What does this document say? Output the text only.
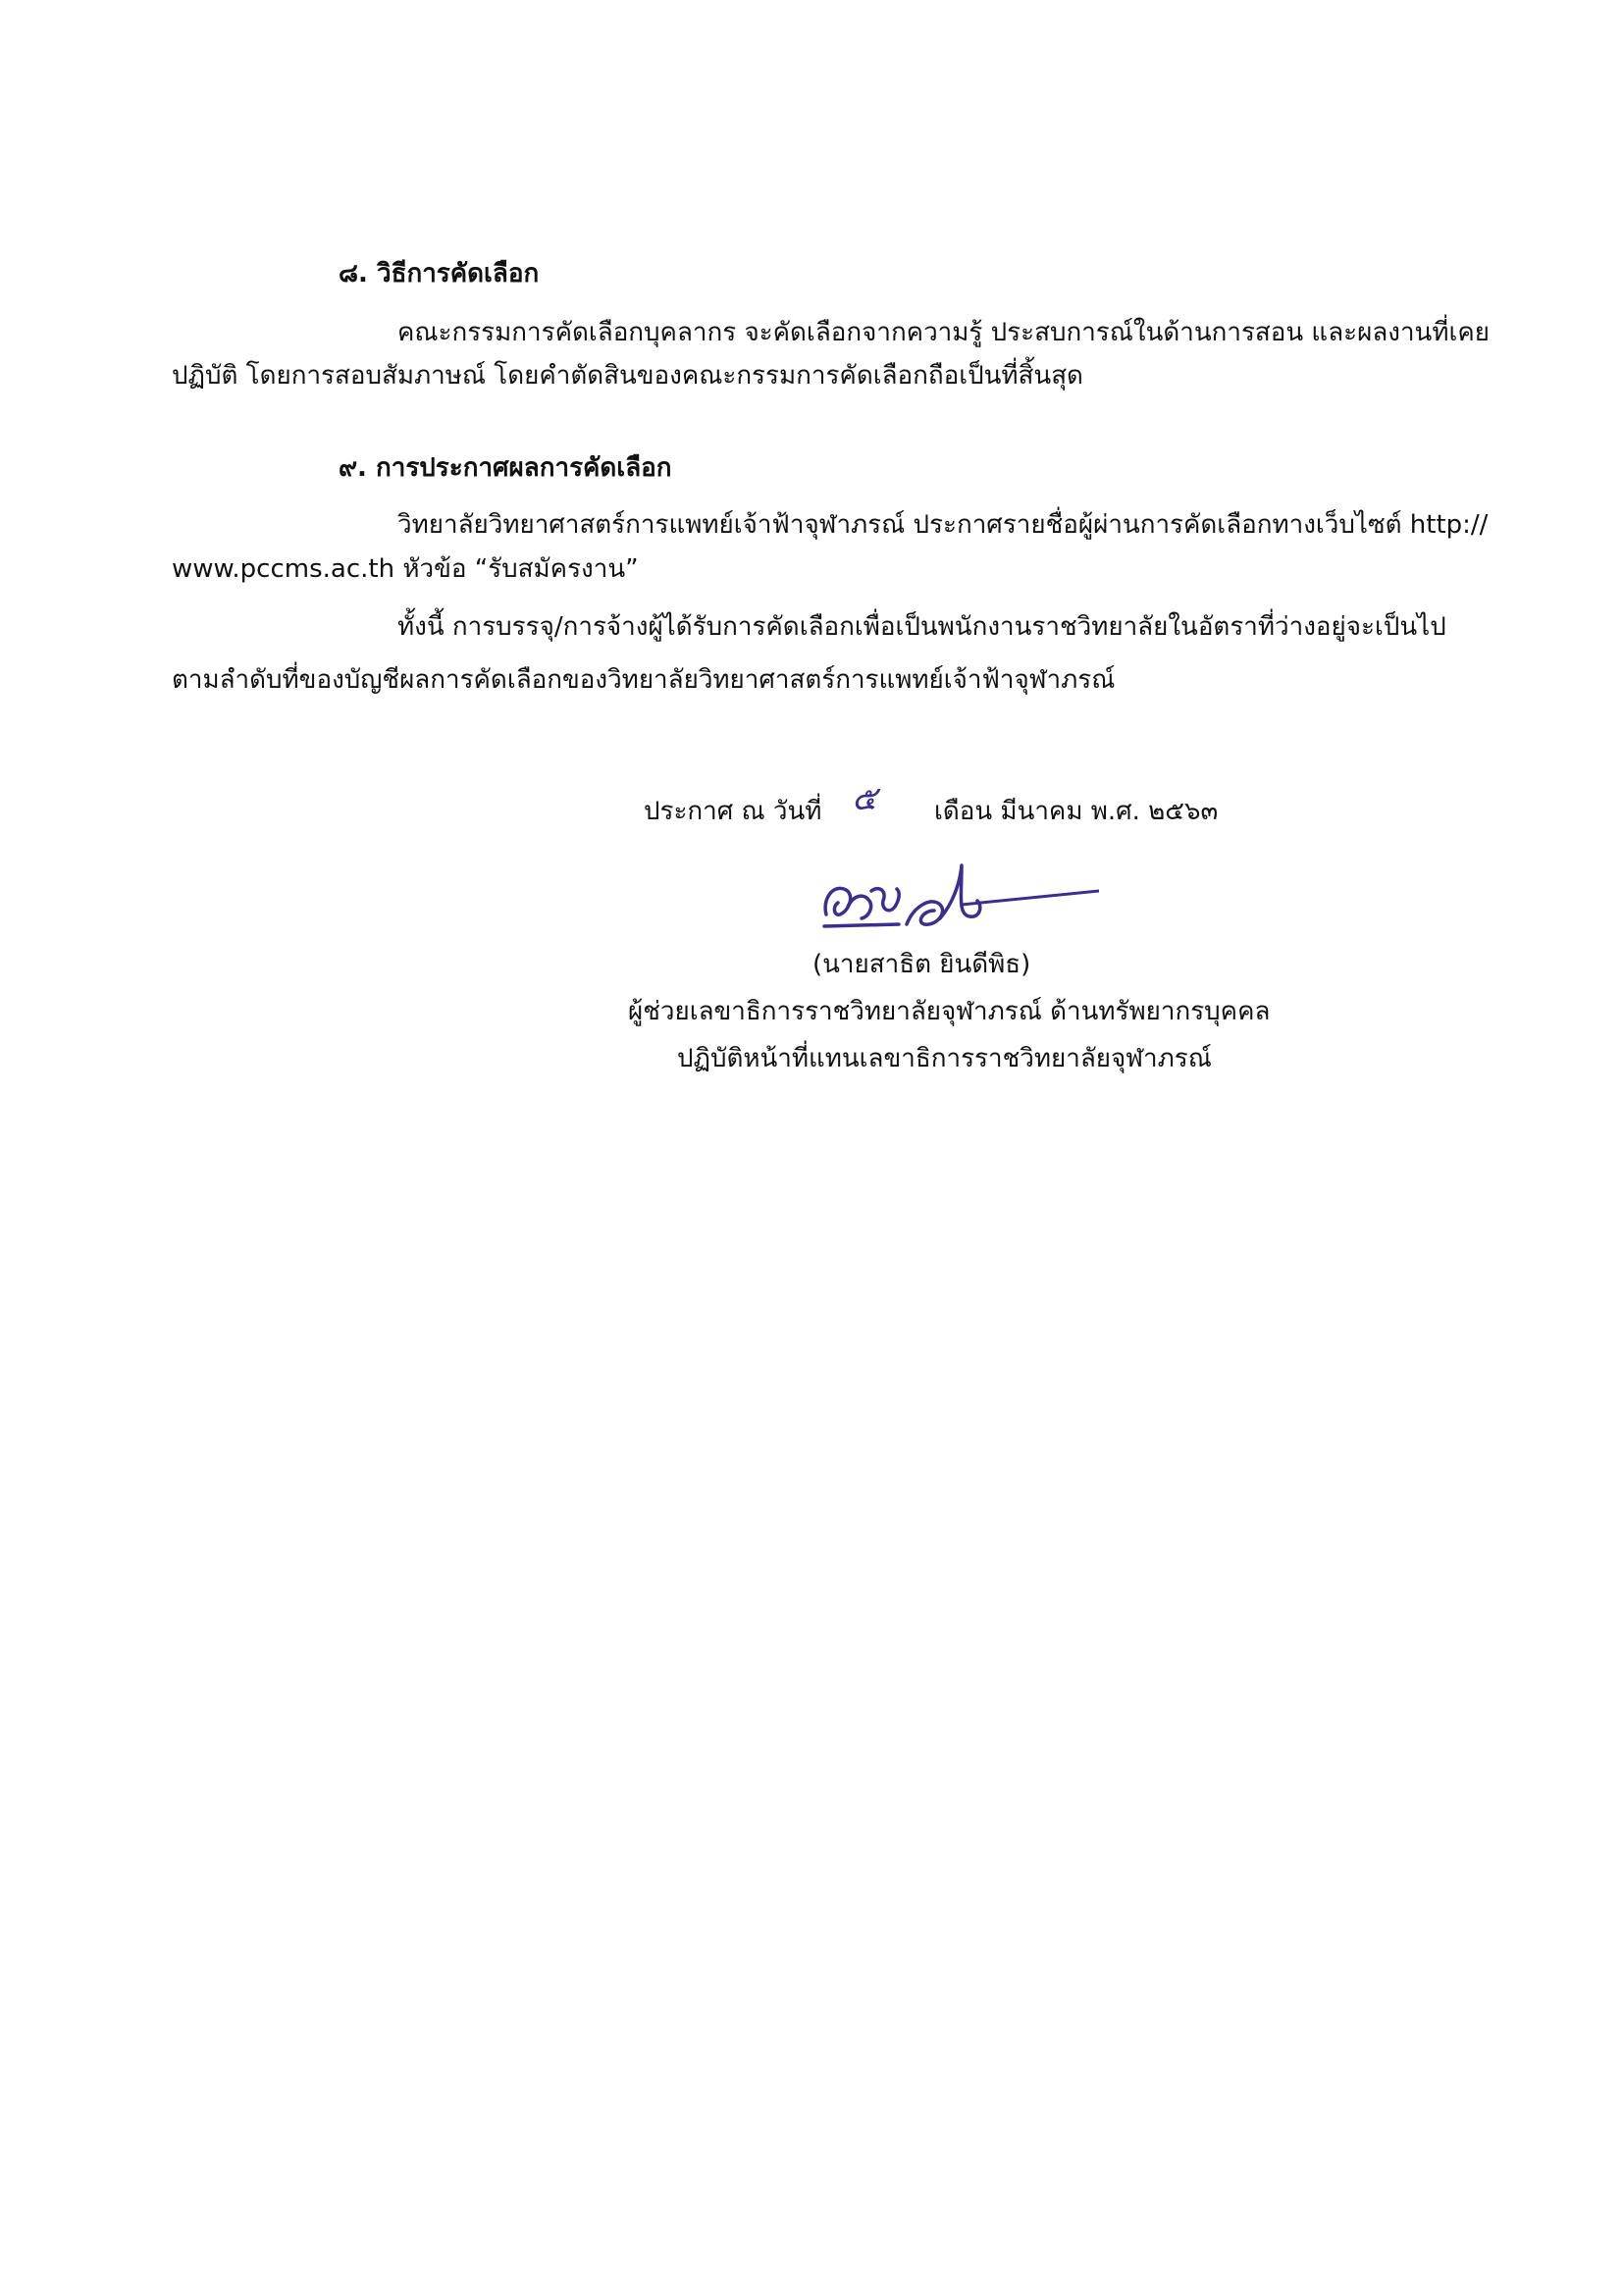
๘. วิธีการคัดเลือก
คณะกรรมการคัดเลือกบุคลากร จะคัดเลือกจากความรู้ ประสบการณ์ในด้านการสอน และผลงานที่เคย
ปฏิบัติ โดยการสอบสัมภาษณ์ โดยคำตัดสินของคณะกรรมการคัดเลือกถือเป็นที่สิ้นสุด
๙. การประกาศผลการคัดเลือก
วิทยาลัยวิทยาศาสตร์การแพทย์เจ้าฟ้าจุฬาภรณ์ ประกาศรายชื่อผู้ผ่านการคัดเลือกทางเว็บไซต์ http://
www.pccms.ac.th หัวข้อ “รับสมัครงาน”
ทั้งนี้ การบรรจุ/การจ้างผู้ได้รับการคัดเลือกเพื่อเป็นพนักงานราชวิทยาลัยในอัตราที่ว่างอยู่จะเป็นไป
ตามลำดับที่ของบัญชีผลการคัดเลือกของวิทยาลัยวิทยาศาสตร์การแพทย์เจ้าฟ้าจุฬาภรณ์
ประกาศ ณ วันที่ ๕ เดือน มีนาคม พ.ศ. ๒๕๖๓
(นายสาธิต ยินดีพิธ)
ผู้ช่วยเลขาธิการราชวิทยาลัยจุฬาภรณ์ ด้านทรัพยากรบุคคล
ปฏิบัติหน้าที่แทนเลขาธิการราชวิทยาลัยจุฬาภรณ์
